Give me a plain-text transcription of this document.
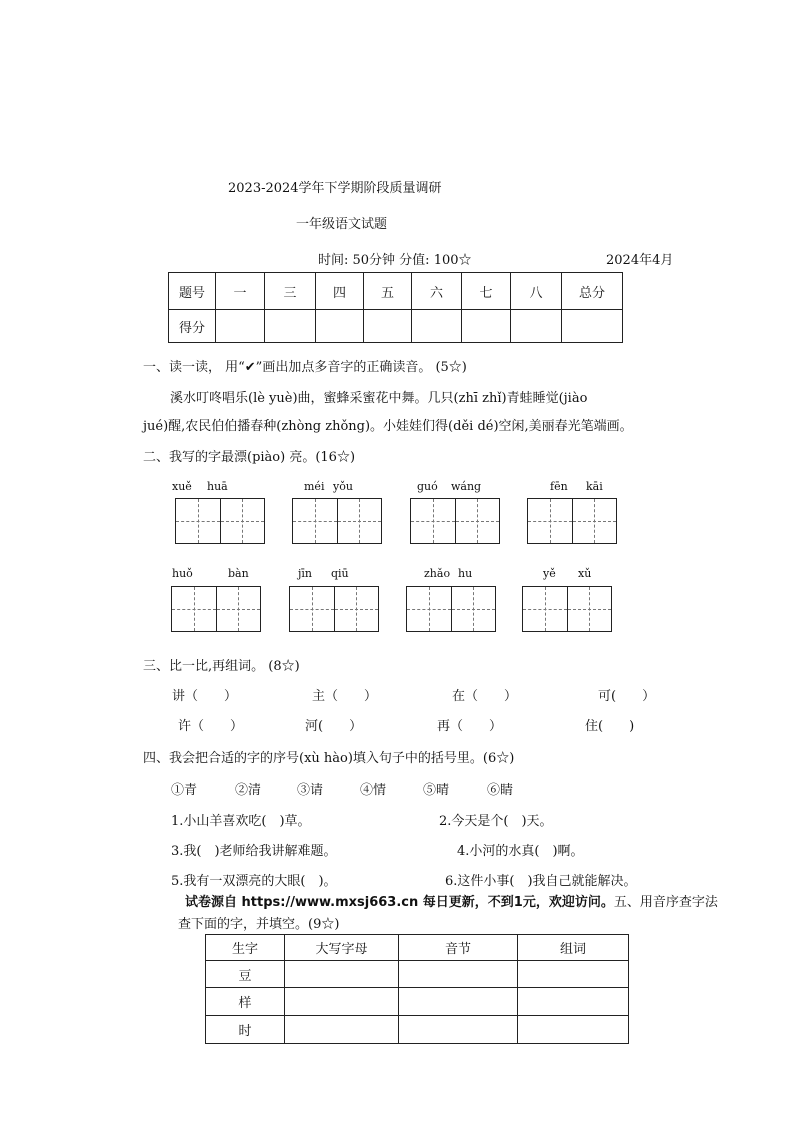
2023-2024学年下学期阶段质量调研
一年级语文试题
时间: 50分钟 分值: 100☆	2024年4月
题号	一	三	四	五	六	七	八	总分
得分								
一、读一读， 用“✔”画出加点多音字的正确读音。 (5☆)
溪水叮咚唱乐(lè yuè)曲，蜜蜂采蜜花中舞。几只(zhī zhǐ)青蛙睡觉(jiào
jué)醒,农民伯伯播春种(zhòng zhǒng)。小娃娃们得(děi dé)空闲,美丽春光笔端画。
二、我写的字最漂(piào) 亮。(16☆)
xuě huā	méi yǒu	guó wáng	fēn kāi
huǒ	bàn	jīn qiū	zhǎo hu	yě xǔ
三、比一比,再组词。 (8☆)
讲（　　）	主（　　）	在（　　）	可(　　）
许（　　）	河(　　）	再（　　）	住(　　)
四、我会把合适的字的序号(xù hào)填入句子中的括号里。(6☆)
①青	②清	③请	④情	⑤晴	⑥睛
1.小山羊喜欢吃(　)草。	2.今天是个(　)天。
3.我(　)老师给我讲解难题。	4.小河的水真(　)啊。
5.我有一双漂亮的大眼(　)。	6.这件小事(　)我自己就能解决。
试卷源自 https://www.mxsj663.cn 每日更新，不到1元，欢迎访问。五、用音序查字法
查下面的字，并填空。(9☆)
生字	大写字母	音节	组词
豆			
样			
时			
